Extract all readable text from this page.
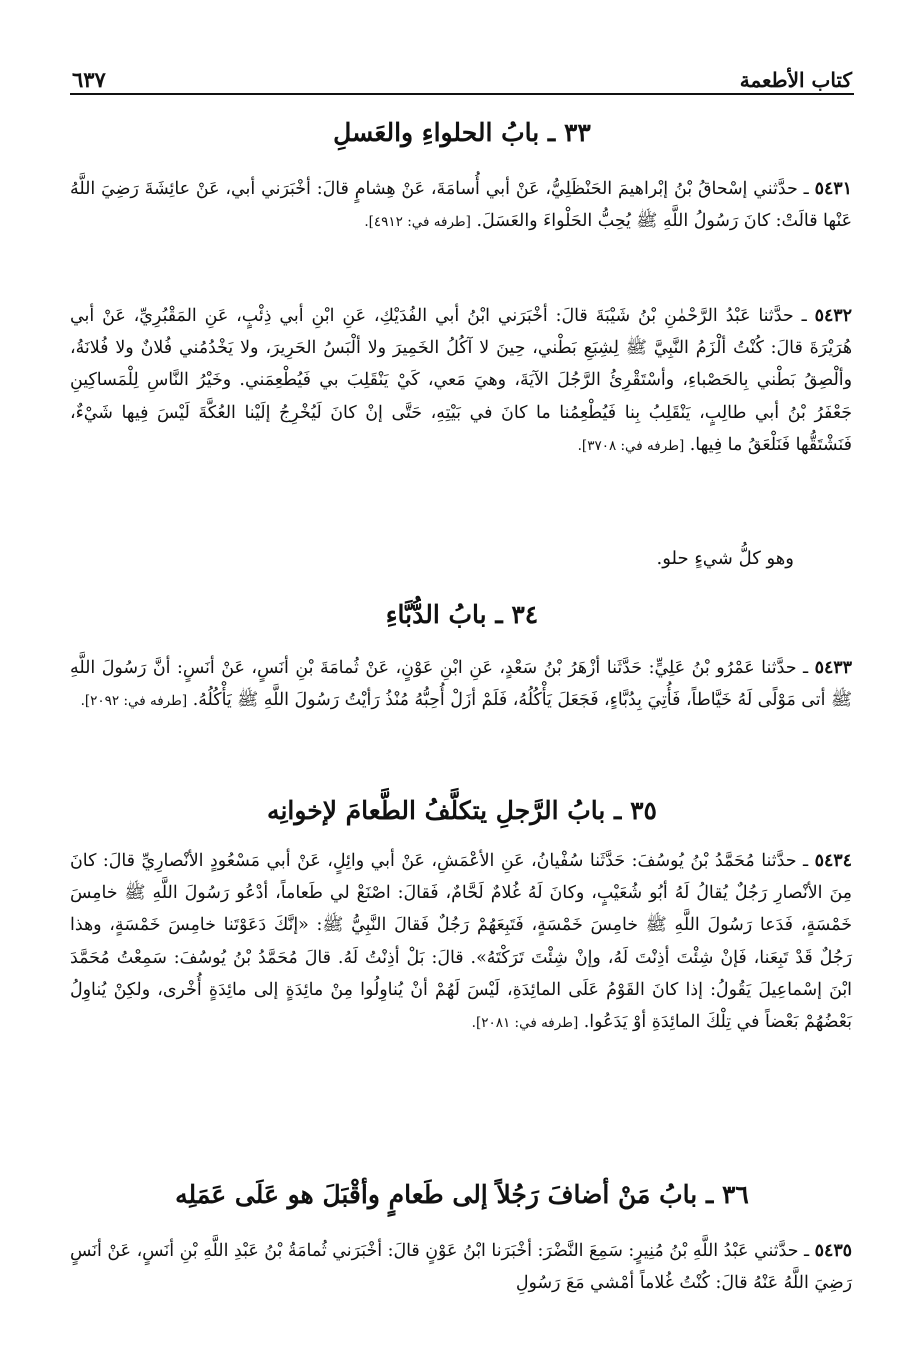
كتاب الأطعمة
٦٣٧
٣٣ ـ بابُ الحلواءِ والعَسلِ
٥٤٣١ ـ حدَّثني إسْحاقُ بْنُ إبْراهيمَ الحَنْظَلِيُّ، عَنْ أبي أُسامَةَ، عَنْ هِشامٍ قالَ: أخْبَرَني أبي، عَنْ عائِشَةَ رَضِيَ اللَّهُ عَنْها قالَتْ: كانَ رَسُولُ اللَّهِ ﷺ يُحِبُّ الحَلْواءَ والعَسَلَ. [طرفه في: ٤٩١٢].
٥٤٣٢ ـ حدَّثنا عَبْدُ الرَّحْمٰنِ بْنُ شَيْبَةَ قالَ: أخْبَرَني ابْنُ أبي الفُدَيْكِ، عَنِ ابْنِ أبي ذِئْبٍ، عَنِ المَقْبُرِيِّ، عَنْ أبي هُرَيْرَةَ قالَ: كُنْتُ ألْزَمُ النَّبِيَّ ﷺ لِشِبَعِ بَطْني، حِينَ لا آكُلُ الخَمِيرَ ولا ألْبَسُ الحَرِيرَ، ولا يَخْدُمُني فُلانٌ ولا فُلانَةُ، وألْصِقُ بَطْني بِالحَصْباءِ، وأسْتَقْرِئُ الرَّجُلَ الآيَةَ، وهيَ مَعي، كَيْ يَنْقَلِبَ بي فَيُطْعِمَني. وخَيْرُ النَّاسِ لِلْمَساكِينِ جَعْفَرُ بْنُ أبي طالِبٍ، يَنْقَلِبُ بِنا فَيُطْعِمُنا ما كانَ في بَيْتِهِ، حَتَّى إنْ كانَ لَيُخْرِجُ إلَيْنا العُكَّةَ لَيْسَ فِيها شَيْءٌ، فَنَشْتَقُّها فَنَلْعَقُ ما فِيها. [طرفه في: ٣٧٠٨].
وهو كلُّ شيءٍ حلو.
٣٤ ـ بابُ الدُّبَّاءِ
٥٤٣٣ ـ حدَّثنا عَمْرُو بْنُ عَلِيٍّ: حَدَّثَنا أزْهَرُ بْنُ سَعْدٍ، عَنِ ابْنِ عَوْنٍ، عَنْ ثُمامَةَ بْنِ أنَسٍ، عَنْ أنَسٍ: أنَّ رَسُولَ اللَّهِ ﷺ أتى مَوْلًى لَهُ خَيَّاطاً، فَأُتِيَ بِدُبَّاءٍ، فَجَعَلَ يَأْكُلُهُ، فَلَمْ أزَلْ أُحِبُّهُ مُنْذُ رَأيْتُ رَسُولَ اللَّهِ ﷺ يَأْكُلُهُ. [طرفه في: ٢٠٩٢].
٣٥ ـ بابُ الرَّجلِ يتكلَّفُ الطَّعامَ لإخوانِه
٥٤٣٤ ـ حدَّثنا مُحَمَّدُ بْنُ يُوسُفَ: حَدَّثَنا سُفْيانُ، عَنِ الأعْمَشِ، عَنْ أبي وائِلٍ، عَنْ أبي مَسْعُودٍ الأنْصارِيِّ قالَ: كانَ مِنَ الأنْصارِ رَجُلٌ يُقالُ لَهُ أبُو شُعَيْبٍ، وكانَ لَهُ غُلامٌ لَحَّامٌ، فَقالَ: اصْنَعْ لي طَعاماً، أدْعُو رَسُولَ اللَّهِ ﷺ خامِسَ خَمْسَةٍ، فَدَعا رَسُولَ اللَّهِ ﷺ خامِسَ خَمْسَةٍ، فَتَبِعَهُمْ رَجُلٌ فَقالَ النَّبِيُّ ﷺ: «إنَّكَ دَعَوْتَنا خامِسَ خَمْسَةٍ، وهذا رَجُلٌ قَدْ تَبِعَنا، فَإنْ شِئْتَ أذِنْتَ لَهُ، وإنْ شِئْتَ تَرَكْتَهُ». قالَ: بَلْ أذِنْتُ لَهُ. قالَ مُحَمَّدُ بْنُ يُوسُفَ: سَمِعْتُ مُحَمَّدَ ابْنَ إسْماعِيلَ يَقُولُ: إذا كانَ القَوْمُ عَلَى المائِدَةِ، لَيْسَ لَهُمْ أنْ يُناوِلُوا مِنْ مائِدَةٍ إلى مائِدَةٍ أُخْرى، ولكِنْ يُناوِلُ بَعْضُهُمْ بَعْضاً في تِلْكَ المائِدَةِ أوْ يَدَعُوا. [طرفه في: ٢٠٨١].
٣٦ ـ بابُ مَنْ أضافَ رَجُلاً إلى طَعامٍ وأقْبَلَ هو عَلَى عَمَلِه
٥٤٣٥ ـ حدَّثني عَبْدُ اللَّهِ بْنُ مُنِيرٍ: سَمِعَ النَّضْرَ: أخْبَرَنا ابْنُ عَوْنٍ قالَ: أخْبَرَني ثُمامَةُ بْنُ عَبْدِ اللَّهِ بْنِ أنَسٍ، عَنْ أنَسٍ رَضِيَ اللَّهُ عَنْهُ قالَ: كُنْتُ غُلاماً أمْشي مَعَ رَسُولِ
